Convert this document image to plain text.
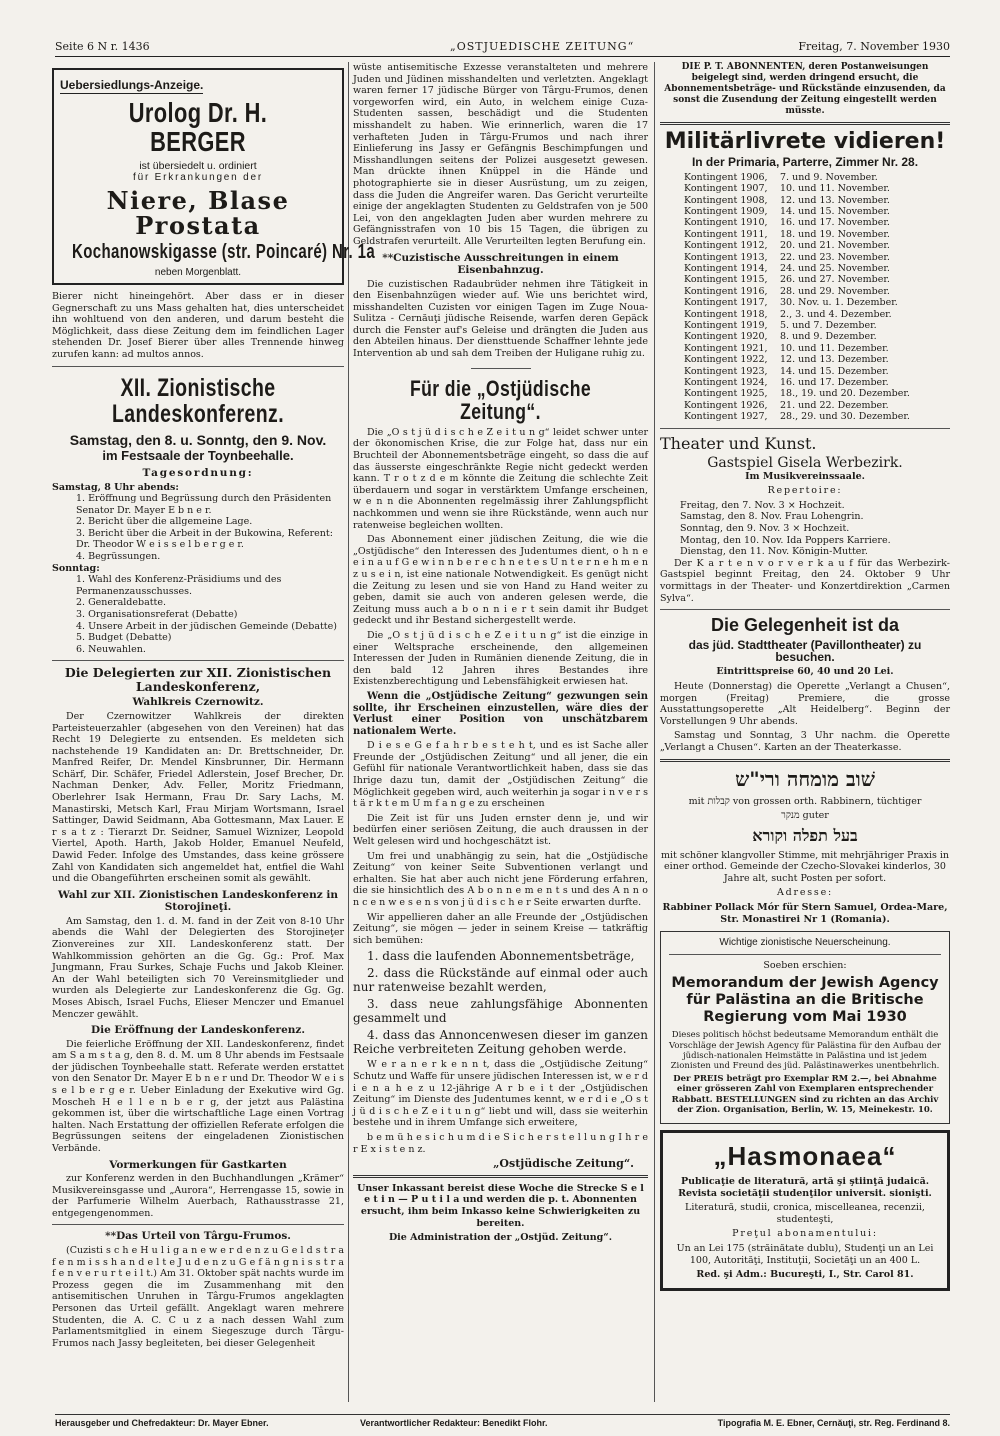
Seite 6 N r. 1436	„OSTJUEDISCHE ZEITUNG“	Freitag, 7. November 1930
Uebersiedlungs-Anzeige.
Urolog Dr. H. BERGER

ist übersiedelt u. ordiniert

für Erkrankungen der

Niere, Blase Prostata
Kochanowskigasse (str. Poincaré) Nr. 1a

neben Morgenblatt.

Bierer nicht hineingehört. Aber dass er in dieser Gegnerschaft zu uns Mass gehalten hat, dies unterscheidet ihn wohltuend von den anderen, und darum besteht die Möglichkeit, dass diese Zeitung dem im feindlichen Lager stehenden Dr. Josef Bierer über alles Trennende hinweg zurufen kann: ad multos annos.

XII. Zionistische Landeskonferenz.
Samstag, den 8. u. Sonntg, den 9. Nov.
im Festsaale der Toynbeehalle.
Tagesordnung:

Samstag, 8 Uhr abends:

1. Eröffnung und Begrüssung durch den Präsidenten Senator Dr. Mayer E b n e r.
2. Bericht über die allgemeine Lage.
3. Bericht über die Arbeit in der Bukowina, Referent: Dr. Theodor W e i s s e l b e r g e r.
4. Begrüssungen.

Sonntag:

1. Wahl des Konferenz-Präsidiums und des Permanenzausschusses.
2. Generaldebatte.
3. Organisationsreferat (Debatte)
4. Unsere Arbeit in der jüdischen Gemeinde (Debatte)
5. Budget (Debatte)
6. Neuwahlen.
Die Delegierten zur XII. Zionistischen Landeskonferenz,
Wahlkreis Czernowitz.

Der Czernowitzer Wahlkreis der direkten Parteisteuerzahler (abgesehen von den Vereinen) hat das Recht 19 Delegierte zu entsenden. Es meldeten sich nachstehende 19 Kandidaten an: Dr. Brettschneider, Dr. Manfred Reifer, Dr. Mendel Kinsbrunner, Dir. Hermann Schärf, Dir. Schäfer, Friedel Adlerstein, Josef Brecher, Dr. Nachman Denker, Adv. Feller, Moritz Friedmann, Oberlehrer Isak Hermann, Frau Dr. Sary Lachs, M. Manastirski, Metsch Karl, Frau Mirjam Wortsmann, Israel Sattinger, Dawid Seidmann, Aba Gottesmann, Max Lauer. E r s a t z : Tierarzt Dr. Seidner, Samuel Wiznizer, Leopold Viertel, Apoth. Harth, Jakob Holder, Emanuel Neufeld, Dawid Feder. Infolge des Umstandes, dass keine grössere Zahl von Kandidaten sich angemeldet hat, entfiel die Wahl und die Obangeführten erscheinen somit als gewählt.

Wahl zur XII. Zionistischen Landeskonferenz in Storojineţi.

Am Samstag, den 1. d. M. fand in der Zeit von 8-10 Uhr abends die Wahl der Delegierten des Storojineţer Zionvereines zur XII. Landeskonferenz statt. Der Wahlkommission gehörten an die Gg. Gg.: Prof. Max Jungmann, Frau Surkes, Schaje Fuchs und Jakob Kleiner. An der Wahl beteiligten sich 70 Vereinsmitglieder und wurden als Delegierte zur Landeskonferenz die Gg. Gg. Moses Abisch, Israel Fuchs, Elieser Menczer und Emanuel Menczer gewählt.

Die Eröffnung der Landeskonferenz.

Die feierliche Eröffnung der XII. Landeskonferenz, findet am S a m s t a g, den 8. d. M. um 8 Uhr abends im Festsaale der jüdischen Toynbeehalle statt. Referate werden erstattet von den Senator Dr. Mayer E b n e r und Dr. Theodor W e i s s e l b e r g e r. Ueber Einladung der Exekutive wird Gg. Moscheh H e l l e n b e r g, der jetzt aus Palästina gekommen ist, über die wirtschaftliche Lage einen Vortrag halten. Nach Erstattung der offiziellen Referate erfolgen die Begrüssungen seitens der eingeladenen Zionistischen Verbände.

Vormerkungen für Gastkarten

zur Konferenz werden in den Buchhandlungen „Krämer“ Musikvereinsgasse und „Aurora“, Herrengasse 15, sowie in der Parfumerie Wilhelm Auerbach, Rathausstrasse 21, entgegengenommen.

**Das Urteil von Târgu-Frumos.

(Cuzisti s c h e H u l i g a n e w e r d e n z u G e l d s t r a f e n m i s s h a n d e l t e J u d e n z u G e f ä n g n i s s t r a f e n v e r u r t e i l t.) Am 31. Oktober spät nachts wurde im Prozess gegen die im Zusammenhang mit den antisemitischen Unruhen in Târgu-Frumos angeklagten Personen das Urteil gefällt. Angeklagt waren mehrere Studenten, die A. C. C u z a nach dessen Wahl zum Parlamentsmitglied in einem Siegeszuge durch Târgu-Frumos nach Jassy begleiteten, bei dieser Gelegenheit

wüste antisemitische Exzesse veranstalteten und mehrere Juden und Jüdinen misshandelten und verletzten. Angeklagt waren ferner 17 jüdische Bürger von Târgu-Frumos, denen vorgeworfen wird, ein Auto, in welchem einige Cuza-Studenten sassen, beschädigt und die Studenten misshandelt zu haben. Wie erinnerlich, waren die 17 verhafteten Juden in Târgu-Frumos und nach ihrer Einlieferung ins Jassy er Gefängnis Beschimpfungen und Misshandlungen seitens der Polizei ausgesetzt gewesen. Man drückte ihnen Knüppel in die Hände und photographierte sie in dieser Ausrüstung, um zu zeigen, dass die Juden die Angreifer waren. Das Gericht verurteilte einige der angeklagten Studenten zu Geldstrafen von je 500 Lei, von den angeklagten Juden aber wurden mehrere zu Gefängnisstrafen von 10 bis 15 Tagen, die übrigen zu Geldstrafen verurteilt. Alle Verurteilten legten Berufung ein.

**Cuzistische Ausschreitungen in einem Eisenbahnzug.

Die cuzistischen Radaubrüder nehmen ihre Tätigkeit in den Eisenbahnzügen wieder auf. Wie uns berichtet wird, misshandelten Cuzisten vor einigen Tagen im Zuge Noua-Sulitza - Cernăuţi jüdische Reisende, warfen deren Gepäck durch die Fenster auf's Geleise und drängten die Juden aus den Abteilen hinaus. Der diensttuende Schaffner lehnte jede Intervention ab und sah dem Treiben der Huligane ruhig zu.

Für die „Ostjüdische Zeitung“.

Die „O s t j ü d i s c h e Z e i t u n g“ leidet schwer unter der ökonomischen Krise, die zur Folge hat, dass nur ein Bruchteil der Abonnementsbeträge eingeht, so dass die auf das äusserste eingeschränkte Regie nicht gedeckt werden kann. T r o t z d e m könnte die Zeitung die schlechte Zeit überdauern und sogar in verstärktem Umfange erscheinen, w e n n die Abonnenten regelmässig ihrer Zahlungspflicht nachkommen und wenn sie ihre Rückstände, wenn auch nur ratenweise begleichen wollten.

Das Abonnement einer jüdischen Zeitung, die wie die „Ostjüdische“ den Interessen des Judentumes dient, o h n e e i n a u f G e w i n n b e r e c h n e t e s U n t e r n e h m e n z u s e i n, ist eine nationale Notwendigkeit. Es genügt nicht die Zeitung zu lesen und sie von Hand zu Hand weiter zu geben, damit sie auch von anderen gelesen werde, die Zeitung muss auch a b o n n i e r t sein damit ihr Budget gedeckt und ihr Bestand sichergestellt werde.

Die „O s t j ü d i s c h e Z e i t u n g“ ist die einzige in einer Weltsprache erscheinende, den allgemeinen Interessen der Juden in Rumänien dienende Zeitung, die in den bald 12 Jahren ihres Bestandes ihre Existenzberechtigung und Lebensfähigkeit erwiesen hat.

Wenn die „Ostjüdische Zeitung“ gezwungen sein sollte, ihr Erscheinen einzustellen, wäre dies der Verlust einer Position von unschätzbarem nationalem Werte.

D i e s e G e f a h r b e s t e h t, und es ist Sache aller Freunde der „Ostjüdischen Zeitung“ und all jener, die ein Gefühl für nationale Verantwortlichkeit haben, dass sie das Ihrige dazu tun, damit der „Ostjüdischen Zeitung“ die Möglichkeit gegeben wird, auch weiterhin ja sogar i n v e r s t ä r k t e m U m f a n g e zu erscheinen

Die Zeit ist für uns Juden ernster denn je, und wir bedürfen einer seriösen Zeitung, die auch draussen in der Welt gelesen wird und hochgeschätzt ist.

Um frei und unabhängig zu sein, hat die „Ostjüdische Zeitung“ von keiner Seite Subventionen verlangt und erhalten. Sie hat aber auch nicht jene Förderung erfahren, die sie hinsichtlich des A b o n n e m e n t s und des A n n o n c e n w e s e n s von j ü d i s c h e r Seite erwarten durfte.

Wir appellieren daher an alle Freunde der „Ostjüdischen Zeitung“, sie mögen — jeder in seinem Kreise — tatkräftig sich bemühen:

1. dass die laufenden Abonnementsbeträge,

2. dass die Rückstände auf einmal oder auch nur ratenweise bezahlt werden,

3. dass neue zahlungsfähige Abonnenten gesammelt und

4. dass das Annoncenwesen dieser im ganzen Reiche verbreiteten Zeitung gehoben werde.

W e r a n e r k e n n t, dass die „Ostjüdische Zeitung“ Schutz und Waffe für unsere jüdischen Interessen ist, w e r d i e n a h e z u 12-jährige A r b e i t der „Ostjüdischen Zeitung“ im Dienste des Judentumes kennt, w e r d i e „O s t j ü d i s c h e Z e i t u n g“ liebt und will, dass sie weiterhin bestehe und in ihrem Umfange sich erweitere,

b e m ü h e s i c h u m d i e S i c h e r s t e l l u n g I h r e r E x i s t e n z.

„Ostjüdische Zeitung“.

Unser Inkassant bereist diese Woche die Strecke S e l e t i n — P u t i l a und werden die p. t. Abonnenten ersucht, ihm beim Inkasso keine Schwierigkeiten zu bereiten.

Die Administration der „Ostjüd. Zeitung“.

DIE P. T. ABONNENTEN, deren Postanweisungen beigelegt sind, werden dringend ersucht, die Abonnementsbeträge- und Rückstände einzusenden, da sonst die Zusendung der Zeitung eingestellt werden müsste.

Militärlivrete vidieren!

In der Primaria, Parterre, Zimmer Nr. 28.

Kontingent 1906,	7. und 9. November.
Kontingent 1907,	10. und 11. November.
Kontingent 1908,	12. und 13. November.
Kontingent 1909,	14. und 15. November.
Kontingent 1910,	16. und 17. November.
Kontingent 1911,	18. und 19. November.
Kontingent 1912,	20. und 21. November.
Kontingent 1913,	22. und 23. November.
Kontingent 1914,	24. und 25. November.
Kontingent 1915,	26. und 27. November.
Kontingent 1916,	28. und 29. November.
Kontingent 1917,	30. Nov. u. 1. Dezember.
Kontingent 1918,	2., 3. und 4. Dezember.
Kontingent 1919,	5. und 7. Dezember.
Kontingent 1920,	8. und 9. Dezember.
Kontingent 1921,	10. und 11. Dezember.
Kontingent 1922,	12. und 13. Dezember.
Kontingent 1923,	14. und 15. Dezember.
Kontingent 1924,	16. und 17. Dezember.
Kontingent 1925,	18., 19. und 20. Dezember.
Kontingent 1926,	21. und 22. Dezember.
Kontingent 1927,	28., 29. und 30. Dezember.
Theater und Kunst.
Gastspiel Gisela Werbezirk.

Im Musikvereinssaale.

Repertoire:

Freitag, den 7. Nov. 3 × Hochzeit.
Samstag, den 8. Nov. Frau Lohengrin.
Sonntag, den 9. Nov. 3 × Hochzeit.
Montag, den 10. Nov. Ida Poppers Karriere.
Dienstag, den 11. Nov. Königin-Mutter.

Der K a r t e n v o r v e r k a u f für das Werbezirk-Gastspiel beginnt Freitag, den 24. Oktober 9 Uhr vormittags in der Theater- und Konzertdirektion „Carmen Sylva“.

Die Gelegenheit ist da

das jüd. Stadttheater (Pavillontheater) zu besuchen.

Eintrittspreise 60, 40 und 20 Lei.

Heute (Donnerstag) die Operette „Verlangt a Chusen“, morgen (Freitag) Premiere, die grosse Ausstattungsoperette „Alt Heidelberg“. Beginn der Vorstellungen 9 Uhr abends.

Samstag und Sonntag, 3 Uhr nachm. die Operette „Verlangt a Chusen“. Karten an der Theaterkasse.

שׁוב מומחה ורי"ש

mit קבלות von grossen orth. Rabbinern, tüchtiger

מנקר guter

בעל תפלה וקורא

mit schöner klangvoller Stimme, mit mehrjähriger Praxis in einer orthod. Gemeinde der Czecho-Slovakei kinderlos, 30 Jahre alt, sucht Posten per sofort.

Adresse:

Rabbiner Pollack Mór für Stern Samuel, Ordea-Mare, Str. Monastirei Nr 1 (Romania).

Wichtige zionistische Neuerscheinung.

Soeben erschien:

Memorandum der Jewish Agency für Palästina an die Britische Regierung vom Mai 1930

Dieses politisch höchst bedeutsame Memorandum enthält die Vorschläge der Jewish Agency für Palästina für den Aufbau der jüdisch-nationalen Heimstätte in Palästina und ist jedem Zionisten und Freund des jüd. Palästinawerkes unentbehrlich.

Der PREIS beträgt pro Exemplar RM 2.—, bei Abnahme einer grösseren Zahl von Exemplaren entsprechender Rabbatt. BESTELLUNGEN sind zu richten an das Archiv der Zion. Organisation, Berlin, W. 15, Meinekestr. 10.

„Hasmonaea“

Publicaţie de literatură, artă şi ştiinţă judaică. Revista societăţii studenţilor universit. sionişti.

Literatură, studii, cronica, miscelleanea, recenzii, studenteşti,

Preţul abonamentului:

Un an Lei 175 (străinătate dublu), Studenţi un an Lei 100, Autorităţi, Instituţii, Societăţi un an 400 L.

Red. şi Adm.: Bucureşti, I., Str. Carol 81.

Herausgeber und Chefredakteur: Dr. Mayer Ebner.	Verantwortlicher Redakteur: Benedikt Flohr.	Tipografia M. E. Ebner, Cernăuţi, str. Reg. Ferdinand 8.
